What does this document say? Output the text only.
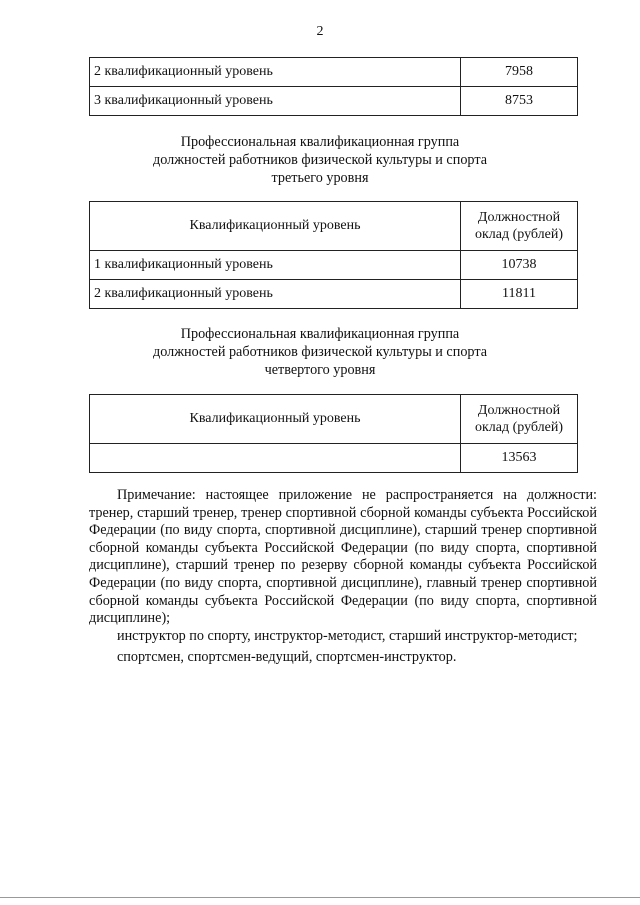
2
2 квалификационный уровень	7958
3 квалификационный уровень	8753
Профессиональная квалификационная группа
должностей работников физической культуры и спорта
третьего уровня
Квалификационный уровень	Должностной
оклад (рублей)

1 квалификационный уровень	10738
2 квалификационный уровень	11811
Профессиональная квалификационная группа
должностей работников физической культуры и спорта
четвертого уровня
Квалификационный уровень	Должностной
оклад (рублей)

	13563

Примечание: настоящее приложение не распространяется на должности: тренер, старший тренер, тренер спортивной сборной команды субъекта Российской Федерации (по виду спорта, спортивной дисциплине), старший тренер спортивной сборной команды субъекта Российской Федерации (по виду спорта, спортивной дисциплине), старший тренер по резерву сборной команды субъекта Российской Федерации (по виду спорта, спортивной дисциплине), главный тренер спортивной сборной команды субъекта Российской Федерации (по виду спорта, спортивной дисциплине);

инструктор по спорту, инструктор-методист, старший инструктор-методист;

спортсмен, спортсмен-ведущий, спортсмен-инструктор.
